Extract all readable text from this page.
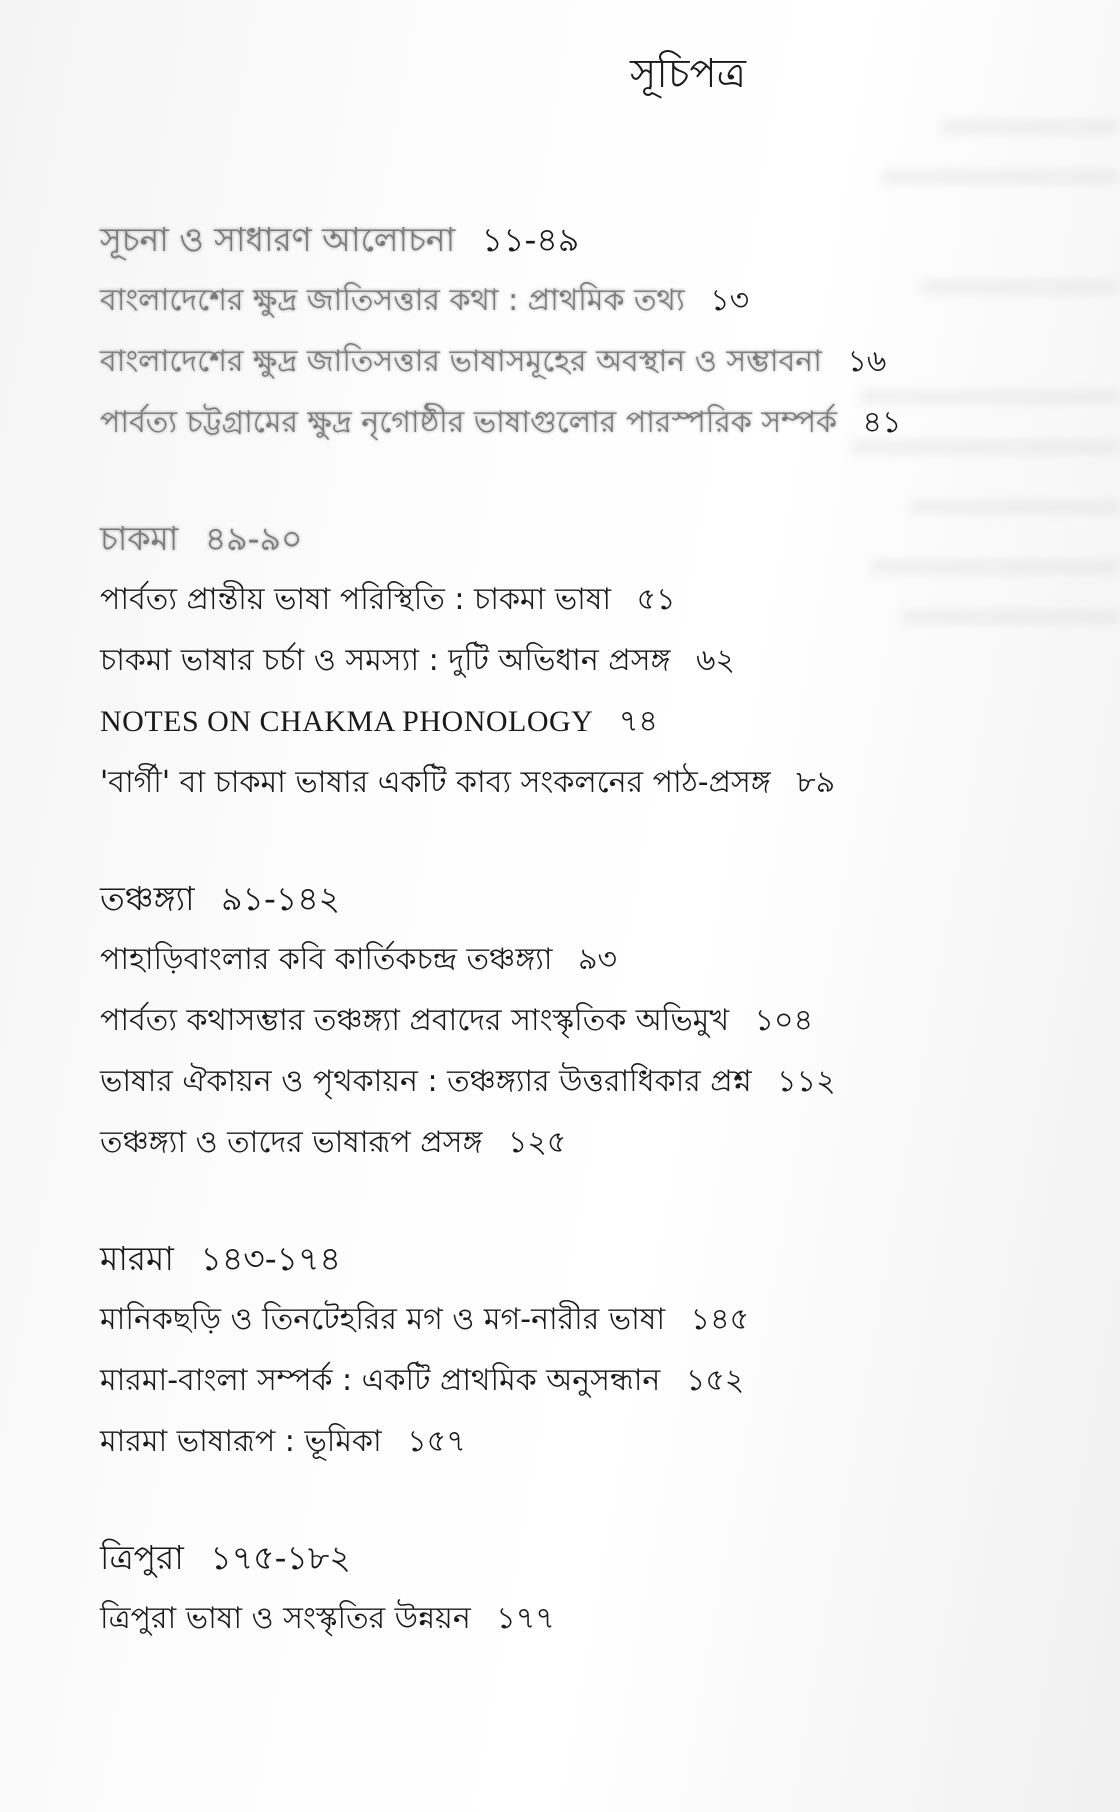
সূচিপত্র
সূচনা ও সাধারণ আলোচনা ১১-৪৯
বাংলাদেশের ক্ষুদ্র জাতিসত্তার কথা : প্রাথমিক তথ্য ১৩
বাংলাদেশের ক্ষুদ্র জাতিসত্তার ভাষাসমূহের অবস্থান ও সম্ভাবনা ১৬
পার্বত্য চট্টগ্রামের ক্ষুদ্র নৃগোষ্ঠীর ভাষাগুলোর পারস্পরিক সম্পর্ক ৪১
চাকমা ৪৯-৯০
পার্বত্য প্রান্তীয় ভাষা পরিস্থিতি : চাকমা ভাষা ৫১
চাকমা ভাষার চর্চা ও সমস্যা : দুটি অভিধান প্রসঙ্গ ৬২
NOTES ON CHAKMA PHONOLOGY ৭৪
'বার্গী' বা চাকমা ভাষার একটি কাব্য সংকলনের পাঠ-প্রসঙ্গ ৮৯
তঞ্চঙ্গ্যা ৯১-১৪২
পাহাড়িবাংলার কবি কার্তিকচন্দ্র তঞ্চঙ্গ্যা ৯৩
পার্বত্য কথাসম্ভার তঞ্চঙ্গ্যা প্রবাদের সাংস্কৃতিক অভিমুখ ১০৪
ভাষার ঐকায়ন ও পৃথকায়ন : তঞ্চঙ্গ্যার উত্তরাধিকার প্রশ্ন ১১২
তঞ্চঙ্গ্যা ও তাদের ভাষারূপ প্রসঙ্গ ১২৫
মারমা ১৪৩-১৭৪
মানিকছড়ি ও তিনটেহরির মগ ও মগ-নারীর ভাষা ১৪৫
মারমা-বাংলা সম্পর্ক : একটি প্রাথমিক অনুসন্ধান ১৫২
মারমা ভাষারূপ : ভূমিকা ১৫৭
ত্রিপুরা ১৭৫-১৮২
ত্রিপুরা ভাষা ও সংস্কৃতির উন্নয়ন ১৭৭
